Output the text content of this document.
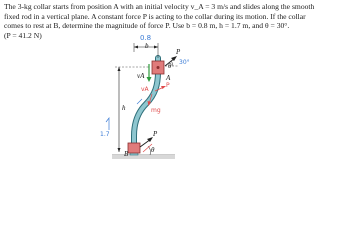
The 3-kg collar starts from position A with an initial velocity v_A = 3 m/s and slides along the smooth

fixed rod in a vertical plane. A constant force P is acting to the collar during its motion. If the collar

comes to rest at B, determine the magnitude of force P. Use b = 0.8 m, h = 1.7 m, and θ = 30°.

(P = 41.2 N)

b
h
vA	A
B
P
P
θ
θ
0.8
1.7
30°
vA
P
mg
